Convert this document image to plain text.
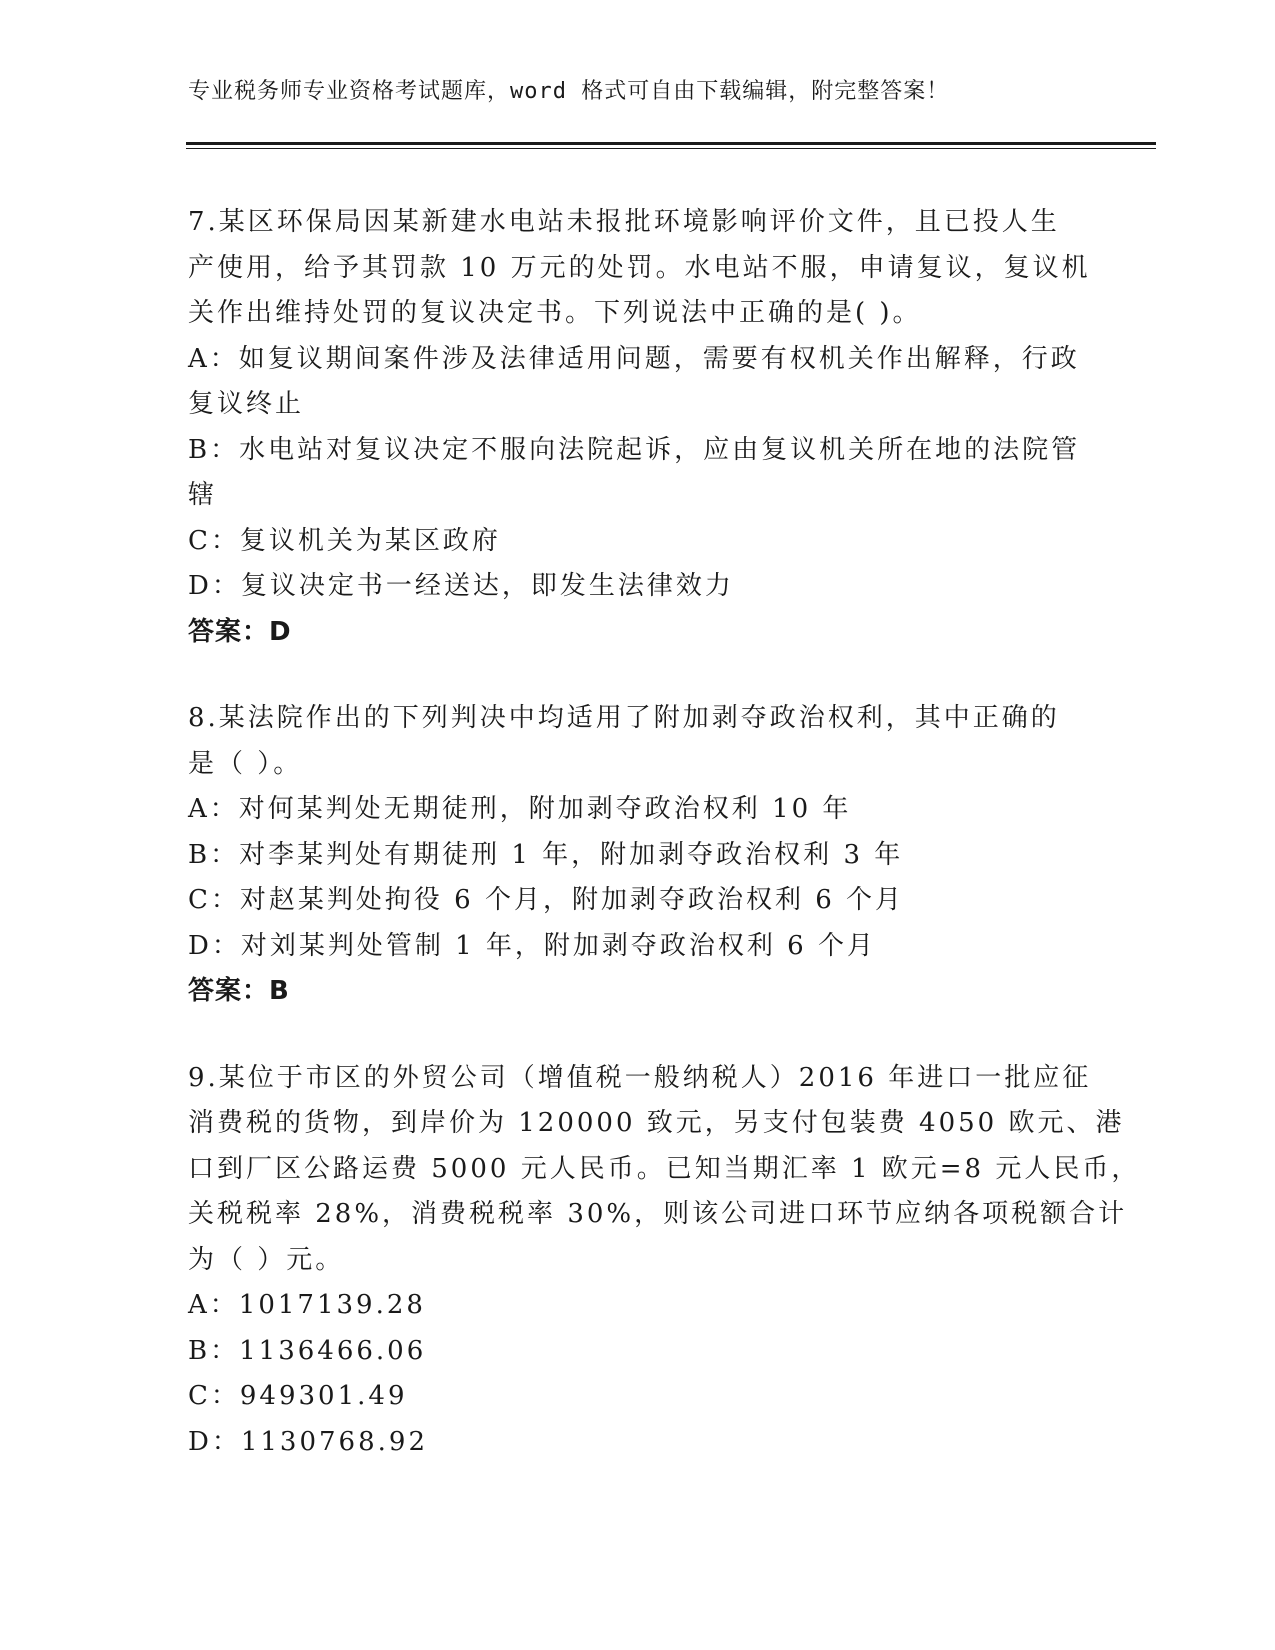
专业税务师专业资格考试题库，word 格式可自由下载编辑，附完整答案！
7.某区环保局因某新建水电站未报批环境影响评价文件，且已投人生
产使用，给予其罚款 10 万元的处罚。水电站不服，申请复议，复议机
关作出维持处罚的复议决定书。下列说法中正确的是( )。
A：如复议期间案件涉及法律适用问题，需要有权机关作出解释，行政
复议终止
B：水电站对复议决定不服向法院起诉，应由复议机关所在地的法院管
辖
C：复议机关为某区政府
D：复议决定书一经送达，即发生法律效力
答案：D
8.某法院作出的下列判决中均适用了附加剥夺政治权利，其中正确的
是（ ）。
A：对何某判处无期徒刑，附加剥夺政治权利 10 年
B：对李某判处有期徒刑 1 年，附加剥夺政治权利 3 年
C：对赵某判处拘役 6 个月，附加剥夺政治权利 6 个月
D：对刘某判处管制 1 年，附加剥夺政治权利 6 个月
答案：B
9.某位于市区的外贸公司（增值税一般纳税人）2016 年进口一批应征
消费税的货物，到岸价为 120000 致元，另支付包装费 4050 欧元、港
口到厂区公路运费 5000 元人民币。已知当期汇率 1 欧元=8 元人民币，
关税税率 28%，消费税税率 30%，则该公司进口环节应纳各项税额合计
为（ ）元。
A：1017139.28
B：1136466.06
C：949301.49
D：1130768.92
